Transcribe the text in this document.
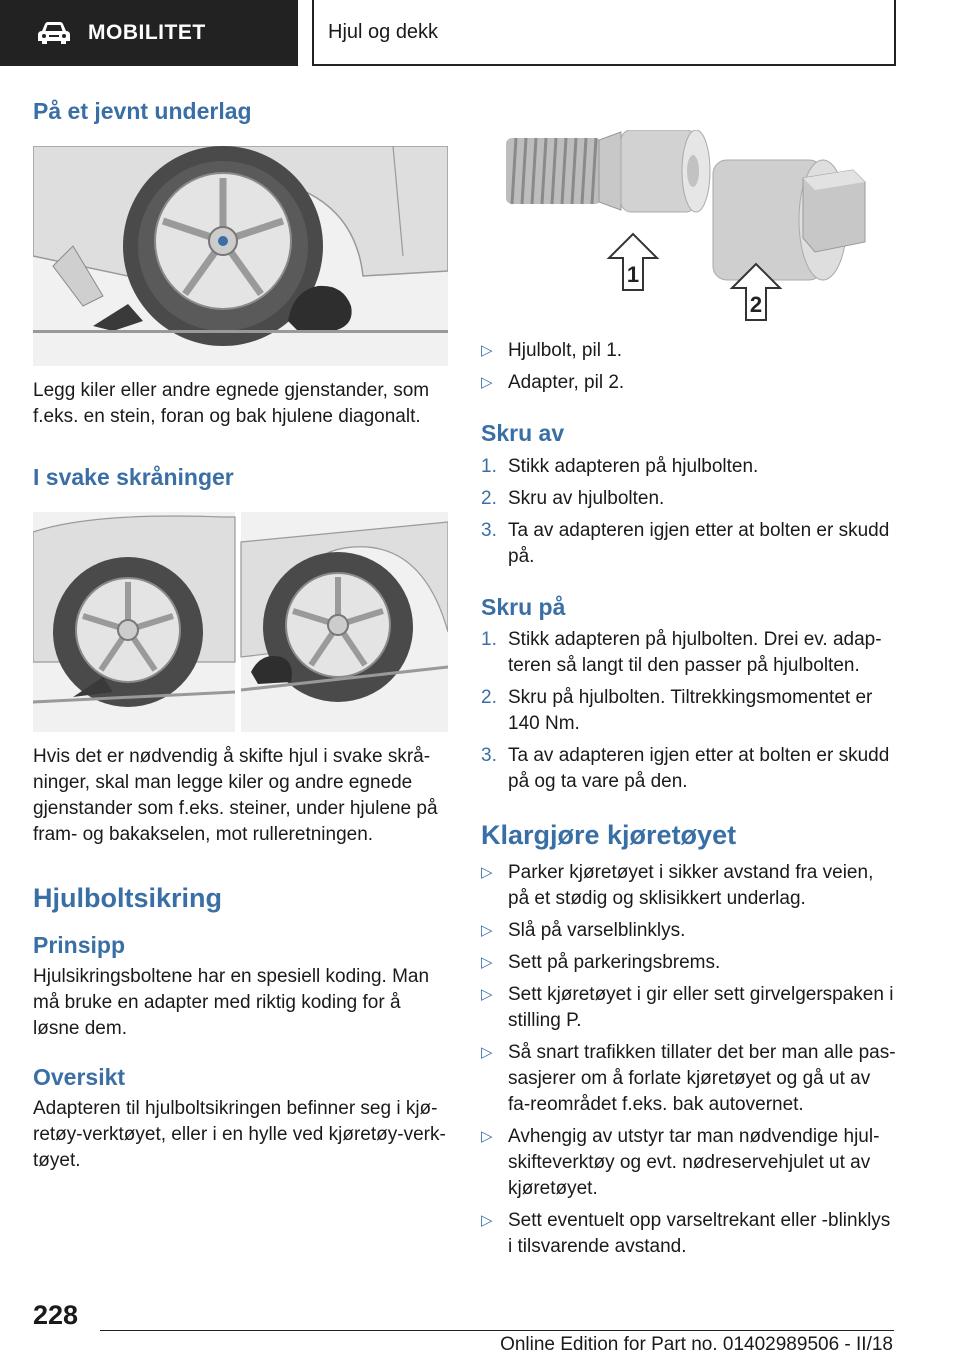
MOBILITET	Hjul og dekk
På et jevnt underlag

Legg kiler eller andre egnede gjenstander, som f.eks. en stein, foran og bak hjulene diagonalt.

I svake skråninger

Hvis det er nødvendig å skifte hjul i svake skrå-ninger, skal man legge kiler og andre egnede gjenstander som f.eks. steiner, under hjulene på fram- og bakakselen, mot rulleretningen.

Hjulboltsikring
Prinsipp

Hjulsikringsboltene har en spesiell koding. Man må bruke en adapter med riktig koding for å løsne dem.

Oversikt

Adapteren til hjulboltsikringen befinner seg i kjø-retøy-verktøyet, eller i en hylle ved kjøretøy-verk-tøyet.

1
2
▷ Hjulbolt, pil 1.
▷ Adapter, pil 2.
Skru av
1. Stikk adapteren på hjulbolten.
2. Skru av hjulbolten.
3. Ta av adapteren igjen etter at bolten er skudd på.
Skru på
1. Stikk adapteren på hjulbolten. Drei ev. adap-teren så langt til den passer på hjulbolten.
2. Skru på hjulbolten. Tiltrekkingsmomentet er 140 Nm.
3. Ta av adapteren igjen etter at bolten er skudd på og ta vare på den.
Klargjøre kjøretøyet
▷ Parker kjøretøyet i sikker avstand fra veien, på et stødig og sklisikkert underlag.
▷ Slå på varselblinklys.
▷ Sett på parkeringsbrems.
▷ Sett kjøretøyet i gir eller sett girvelgerspaken i stilling P.
▷ Så snart trafikken tillater det ber man alle pas-sasjerer om å forlate kjøretøyet og gå ut av fa-reområdet f.eks. bak autovernet.
▷ Avhengig av utstyr tar man nødvendige hjul-skifteverktøy og evt. nødreservehjulet ut av kjøretøyet.
▷ Sett eventuelt opp varseltrekant eller -blinklys i tilsvarende avstand.
228
Online Edition for Part no. 01402989506 - II/18
